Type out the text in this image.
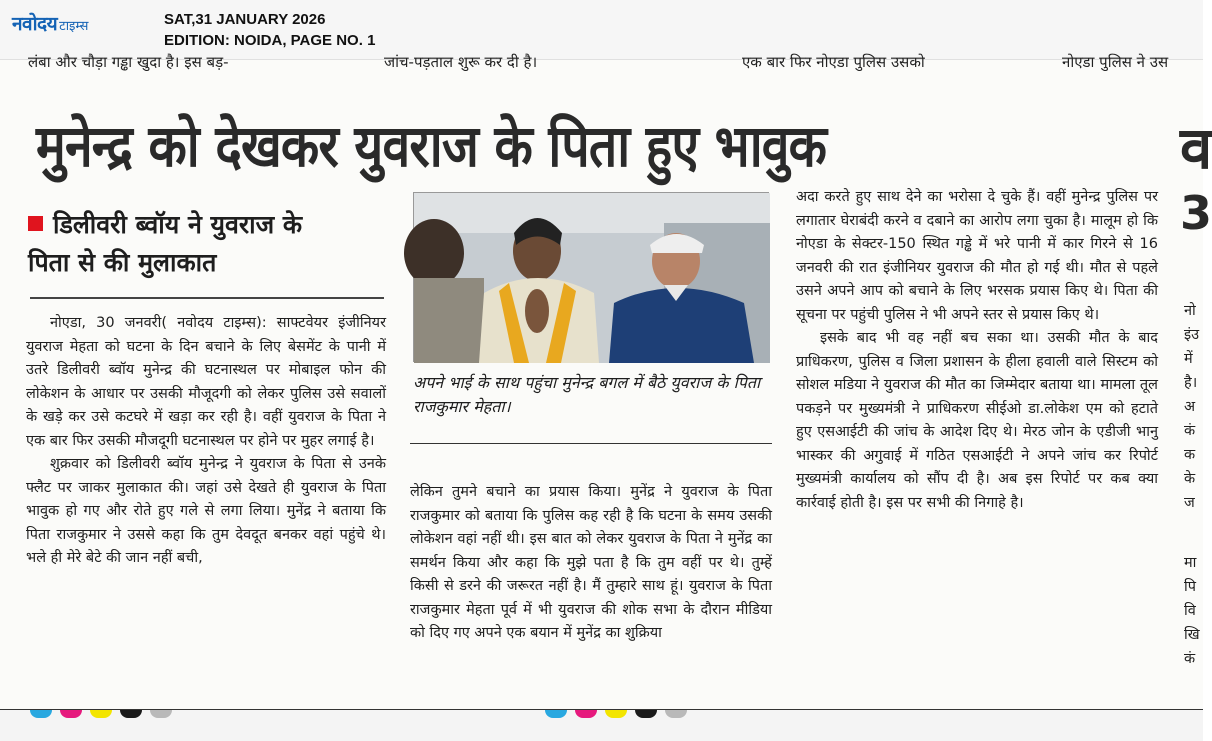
नवोदय टाइम्स	SAT,31 JANUARY 2026
EDITION: NOIDA, PAGE NO. 1
लंबा और चौड़ा गड्ढा खुदा है। इस बड़-	जांच-पड़ताल शुरू कर दी है।	एक बार फिर नोएडा पुलिस उसको	नोएडा पुलिस ने उस
मुनेन्द्र को देखकर युवराज के पिता हुए भावुक
डिलीवरी ब्वॉय ने युवराज के
पिता से की मुलाकात

नोएडा, 30 जनवरी( नवोदय टाइम्स): साफ्टवेयर इंजीनियर युवराज मेहता को घटना के दिन बचाने के लिए बेसमेंट के पानी में उतरे डिलीवरी ब्वॉय मुनेन्द्र की घटनास्थल पर मोबाइल फोन की लोकेशन के आधार पर उसकी मौजूदगी को लेकर पुलिस उसे सवालों के खड़े कर उसे कटघरे में खड़ा कर रही है। वहीं युवराज के पिता ने एक बार फिर उसकी मौजदूगी घटनास्थल पर होने पर मुहर लगाई है।

शुक्रवार को डिलीवरी ब्वॉय मुनेन्द्र ने युवराज के पिता से उनके फ्लैट पर जाकर मुलाकात की। जहां उसे देखते ही युवराज के पिता भावुक हो गए और रोते हुए गले से लगा लिया। मुनेंद्र ने बताया कि पिता राजकुमार ने उससे कहा कि तुम देवदूत बनकर वहां पहुंचे थे। भले ही मेरे बेटे की जान नहीं बची,

अपने भाई के साथ पहुंचा मुनेन्द्र बगल में बैठे युवराज के पिता राजकुमार मेहता।

लेकिन तुमने बचाने का प्रयास किया। मुनेंद्र ने युवराज के पिता राजकुमार को बताया कि पुलिस कह रही है कि घटना के समय उसकी लोकेशन वहां नहीं थी। इस बात को लेकर युवराज के पिता ने मुनेंद्र का समर्थन किया और कहा कि मुझे पता है कि तुम वहीं पर थे। तुम्हें किसी से डरने की जरूरत नहीं है। मैं तुम्हारे साथ हूं। युवराज के पिता राजकुमार मेहता पूर्व में भी युवराज की शोक सभा के दौरान मीडिया को दिए गए अपने एक बयान में मुनेंद्र का शुक्रिया

अदा करते हुए साथ देने का भरोसा दे चुके हैं। वहीं मुनेन्द्र पुलिस पर लगातार घेराबंदी करने व दबाने का आरोप लगा चुका है। मालूम हो कि नोएडा के सेक्टर-150 स्थित गड्ढे में भरे पानी में कार गिरने से 16 जनवरी की रात इंजीनियर युवराज की मौत हो गई थी। मौत से पहले उसने अपने आप को बचाने के लिए भरसक प्रयास किए थे। पिता की सूचना पर पहुंची पुलिस ने भी अपने स्तर से प्रयास किए थे।

इसके बाद भी वह नहीं बच सका था। उसकी मौत के बाद प्राधिकरण, पुलिस व जिला प्रशासन के हीला हवाली वाले सिस्टम को सोशल मडिया ने युवराज की मौत का जिम्मेदार बताया था। मामला तूल पकड़ने पर मुख्यमंत्री ने प्राधिकरण सीईओ डा.लोकेश एम को हटाते हुए एसआईटी की जांच के आदेश दिए थे। मेरठ जोन के एडीजी भानु भास्कर की अगुवाई में गठित एसआईटी ने अपने जांच कर रिपोर्ट मुख्यमंत्री कार्यालय को सौंप दी है। अब इस रिपोर्ट पर कब क्या कार्रवाई होती है। इस पर सभी की निगाहे है।

व
3
नो
इंउ
में
है।
अ
कं
क
के
ज
मा
पि
वि
खि
कं
